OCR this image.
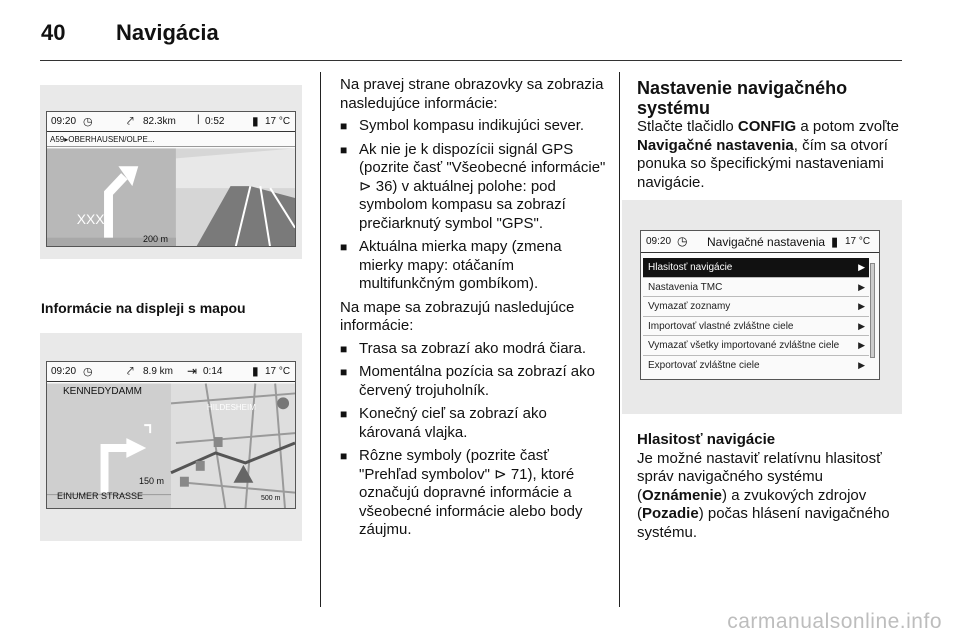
40 Navigácia
09:20 ◷	⤤ 82.3km | 0:52 ▮ 17 °C
A59▸OBERHAUSEN/OLPE...
XXX
200 m
Informácie na displeji s mapou
09:20 ◷	⤤ 8.9 km ⇥ 0:14 ▮ 17 °C
KENNEDYDAMM
HILDESHEIM
150 m
EINUMER STRASSE	500 m

Na pravej strane obrazovky sa zobrazia nasledujúce informácie:

■ Symbol kompasu indikujúci sever.
■ Ak nie je k dispozícii signál GPS (pozrite časť "Všeobecné informácie" ⊳ 36) v aktuálnej polohe: pod symbolom kompasu sa zobrazí prečiarknutý symbol "GPS".
■ Aktuálna mierka mapy (zmena mierky mapy: otáčaním multifunkčným gombíkom).

Na mape sa zobrazujú nasledujúce informácie:

■ Trasa sa zobrazí ako modrá čiara.
■ Momentálna pozícia sa zobrazí ako červený trojuholník.
■ Konečný cieľ sa zobrazí ako károvaná vlajka.
■ Rôzne symboly (pozrite časť "Prehľad symbolov" ⊳ 71), ktoré označujú dopravné informácie a všeobecné informácie alebo body záujmu.
Nastavenie navigačného systému

Stlačte tlačidlo CONFIG a potom zvoľte Navigačné nastavenia, čím sa otvorí ponuka so špecifickými nastaveniami navigácie.

09:20 ◷ Navigačné nastavenia ▮ 17 °C
Hlasitosť navigácie	▶
Nastavenia TMC	▶
Vymazať zoznamy	▶
Importovať vlastné zvláštne ciele	▶
Vymazať všetky importované zvláštne ciele ▶
Exportovať zvláštne ciele	▶
Hlasitosť navigácie

Je možné nastaviť relatívnu hlasitosť správ navigačného systému (Oznámenie) a zvukových zdrojov (Pozadie) počas hlásení navigačného systému.

carmanualsonline.info
